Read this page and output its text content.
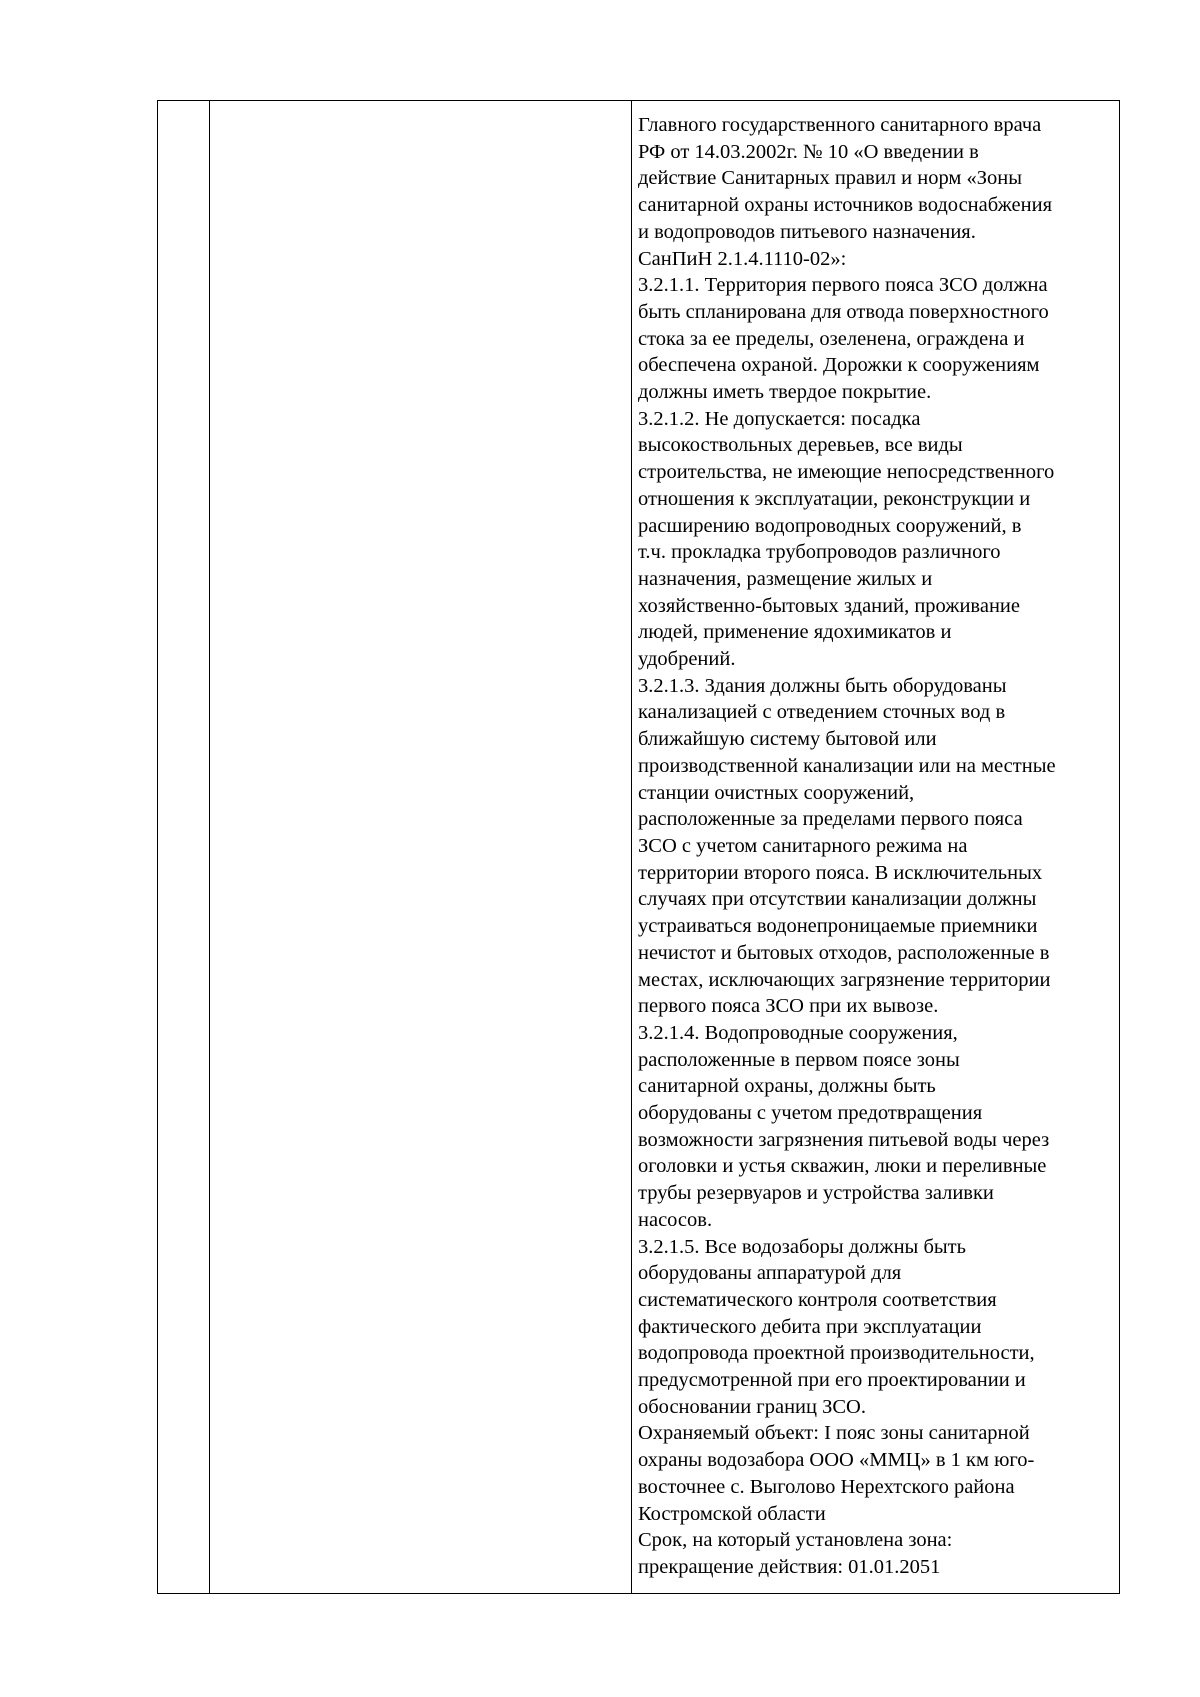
Главного государственного санитарного врача
РФ от 14.03.2002г. № 10 «О введении в
действие Санитарных правил и норм «Зоны
санитарной охраны источников водоснабжения
и водопроводов питьевого назначения.
СанПиН 2.1.4.1110-02»:
3.2.1.1. Территория первого пояса ЗСО должна
быть спланирована для отвода поверхностного
стока за ее пределы, озеленена, ограждена и
обеспечена охраной. Дорожки к сооружениям
должны иметь твердое покрытие.
3.2.1.2. Не допускается: посадка
высокоствольных деревьев, все виды
строительства, не имеющие непосредственного
отношения к эксплуатации, реконструкции и
расширению водопроводных сооружений, в
т.ч. прокладка трубопроводов различного
назначения, размещение жилых и
хозяйственно-бытовых зданий, проживание
людей, применение ядохимикатов и
удобрений.
3.2.1.3. Здания должны быть оборудованы
канализацией с отведением сточных вод в
ближайшую систему бытовой или
производственной канализации или на местные
станции очистных сооружений,
расположенные за пределами первого пояса
ЗСО с учетом санитарного режима на
территории второго пояса. В исключительных
случаях при отсутствии канализации должны
устраиваться водонепроницаемые приемники
нечистот и бытовых отходов, расположенные в
местах, исключающих загрязнение территории
первого пояса ЗСО при их вывозе.
3.2.1.4. Водопроводные сооружения,
расположенные в первом поясе зоны
санитарной охраны, должны быть
оборудованы с учетом предотвращения
возможности загрязнения питьевой воды через
оголовки и устья скважин, люки и переливные
трубы резервуаров и устройства заливки
насосов.
3.2.1.5. Все водозаборы должны быть
оборудованы аппаратурой для
систематического контроля соответствия
фактического дебита при эксплуатации
водопровода проектной производительности,
предусмотренной при его проектировании и
обосновании границ ЗСО.
Охраняемый объект: I пояс зоны санитарной
охраны водозабора ООО «ММЦ» в 1 км юго-
восточнее с. Выголово Нерехтского района
Костромской области
Срок, на который установлена зона:
прекращение действия: 01.01.2051
